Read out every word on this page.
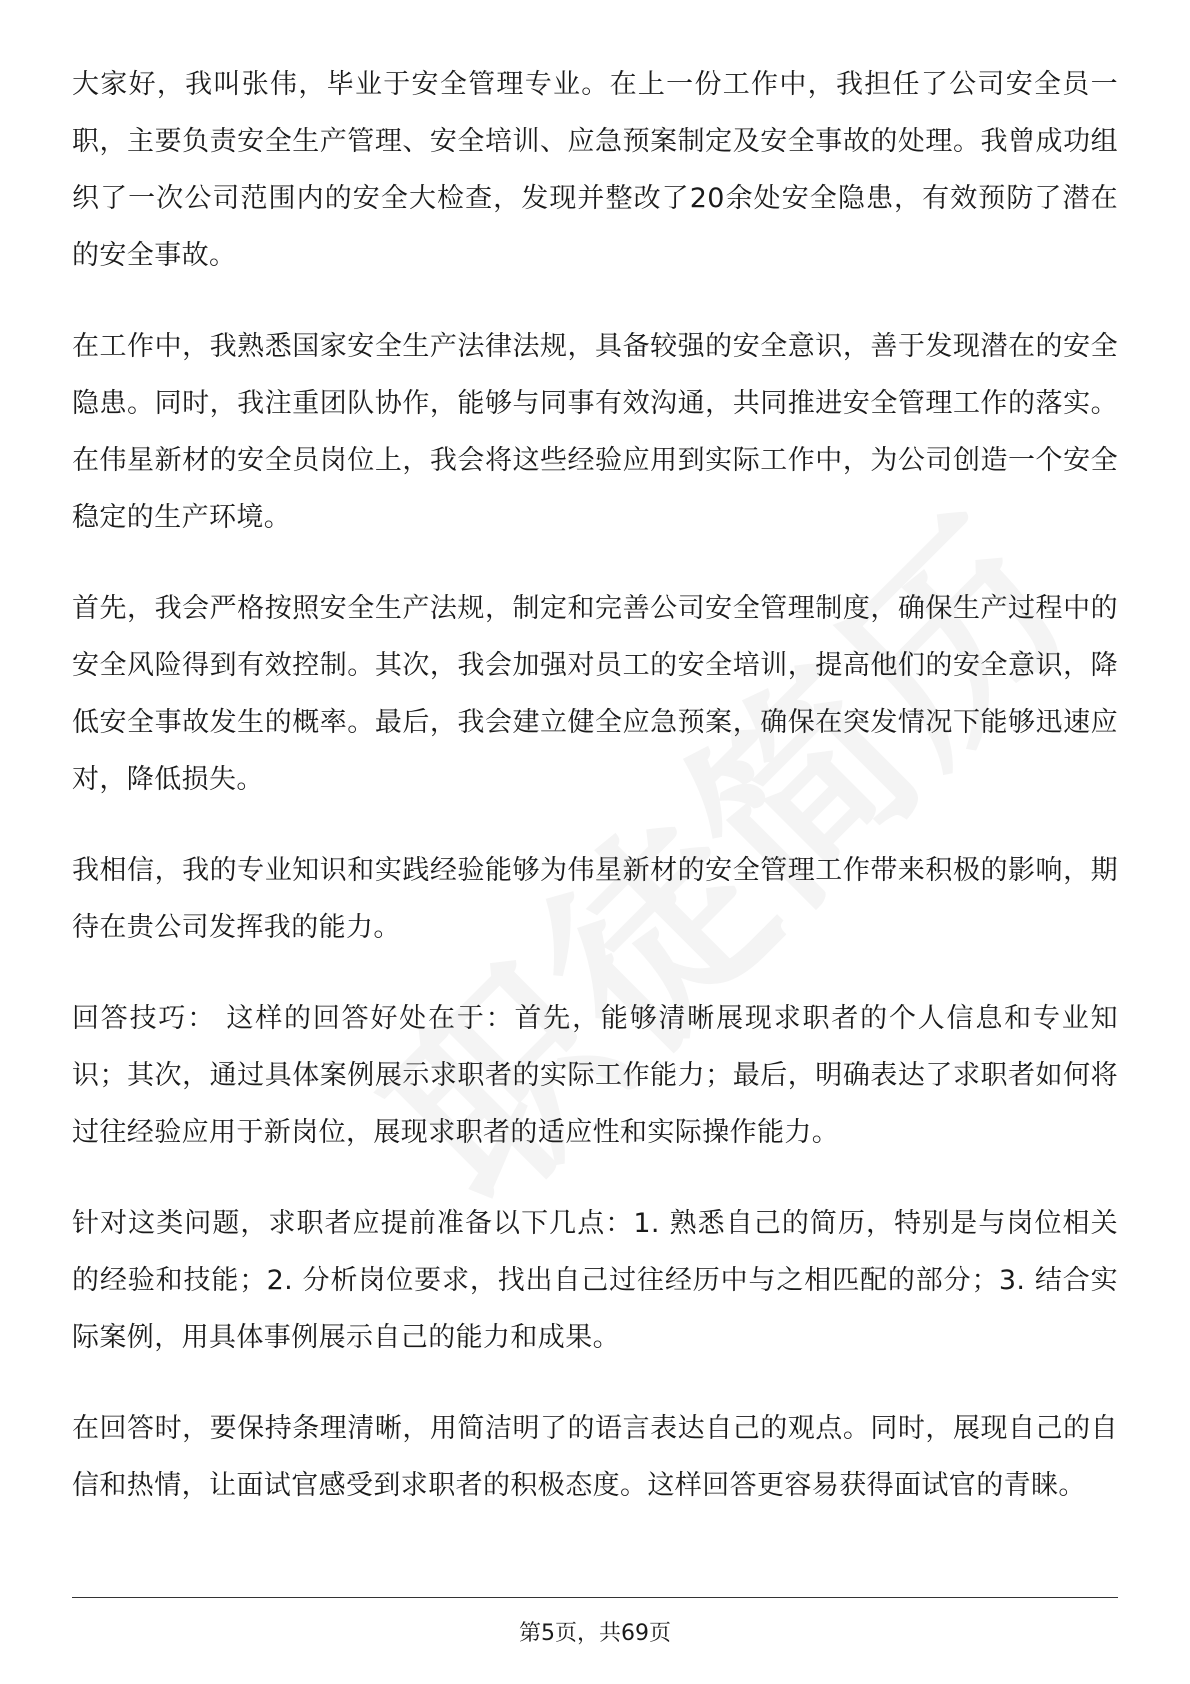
大家好，我叫张伟，毕业于安全管理专业。在上一份工作中，我担任了公司安全员一职，主要负责安全生产管理、安全培训、应急预案制定及安全事故的处理。我曾成功组织了一次公司范围内的安全大检查，发现并整改了20余处安全隐患，有效预防了潜在的安全事故。

在工作中，我熟悉国家安全生产法律法规，具备较强的安全意识，善于发现潜在的安全隐患。同时，我注重团队协作，能够与同事有效沟通，共同推进安全管理工作的落实。在伟星新材的安全员岗位上，我会将这些经验应用到实际工作中，为公司创造一个安全稳定的生产环境。

首先，我会严格按照安全生产法规，制定和完善公司安全管理制度，确保生产过程中的安全风险得到有效控制。其次，我会加强对员工的安全培训，提高他们的安全意识，降低安全事故发生的概率。最后，我会建立健全应急预案，确保在突发情况下能够迅速应对，降低损失。

我相信，我的专业知识和实践经验能够为伟星新材的安全管理工作带来积极的影响，期待在贵公司发挥我的能力。

回答技巧： 这样的回答好处在于：首先，能够清晰展现求职者的个人信息和专业知识；其次，通过具体案例展示求职者的实际工作能力；最后，明确表达了求职者如何将过往经验应用于新岗位，展现求职者的适应性和实际操作能力。

针对这类问题，求职者应提前准备以下几点：1. 熟悉自己的简历，特别是与岗位相关的经验和技能；2. 分析岗位要求，找出自己过往经历中与之相匹配的部分；3. 结合实际案例，用具体事例展示自己的能力和成果。

在回答时，要保持条理清晰，用简洁明了的语言表达自己的观点。同时，展现自己的自信和热情，让面试官感受到求职者的积极态度。这样回答更容易获得面试官的青睐。

第5页，共69页
